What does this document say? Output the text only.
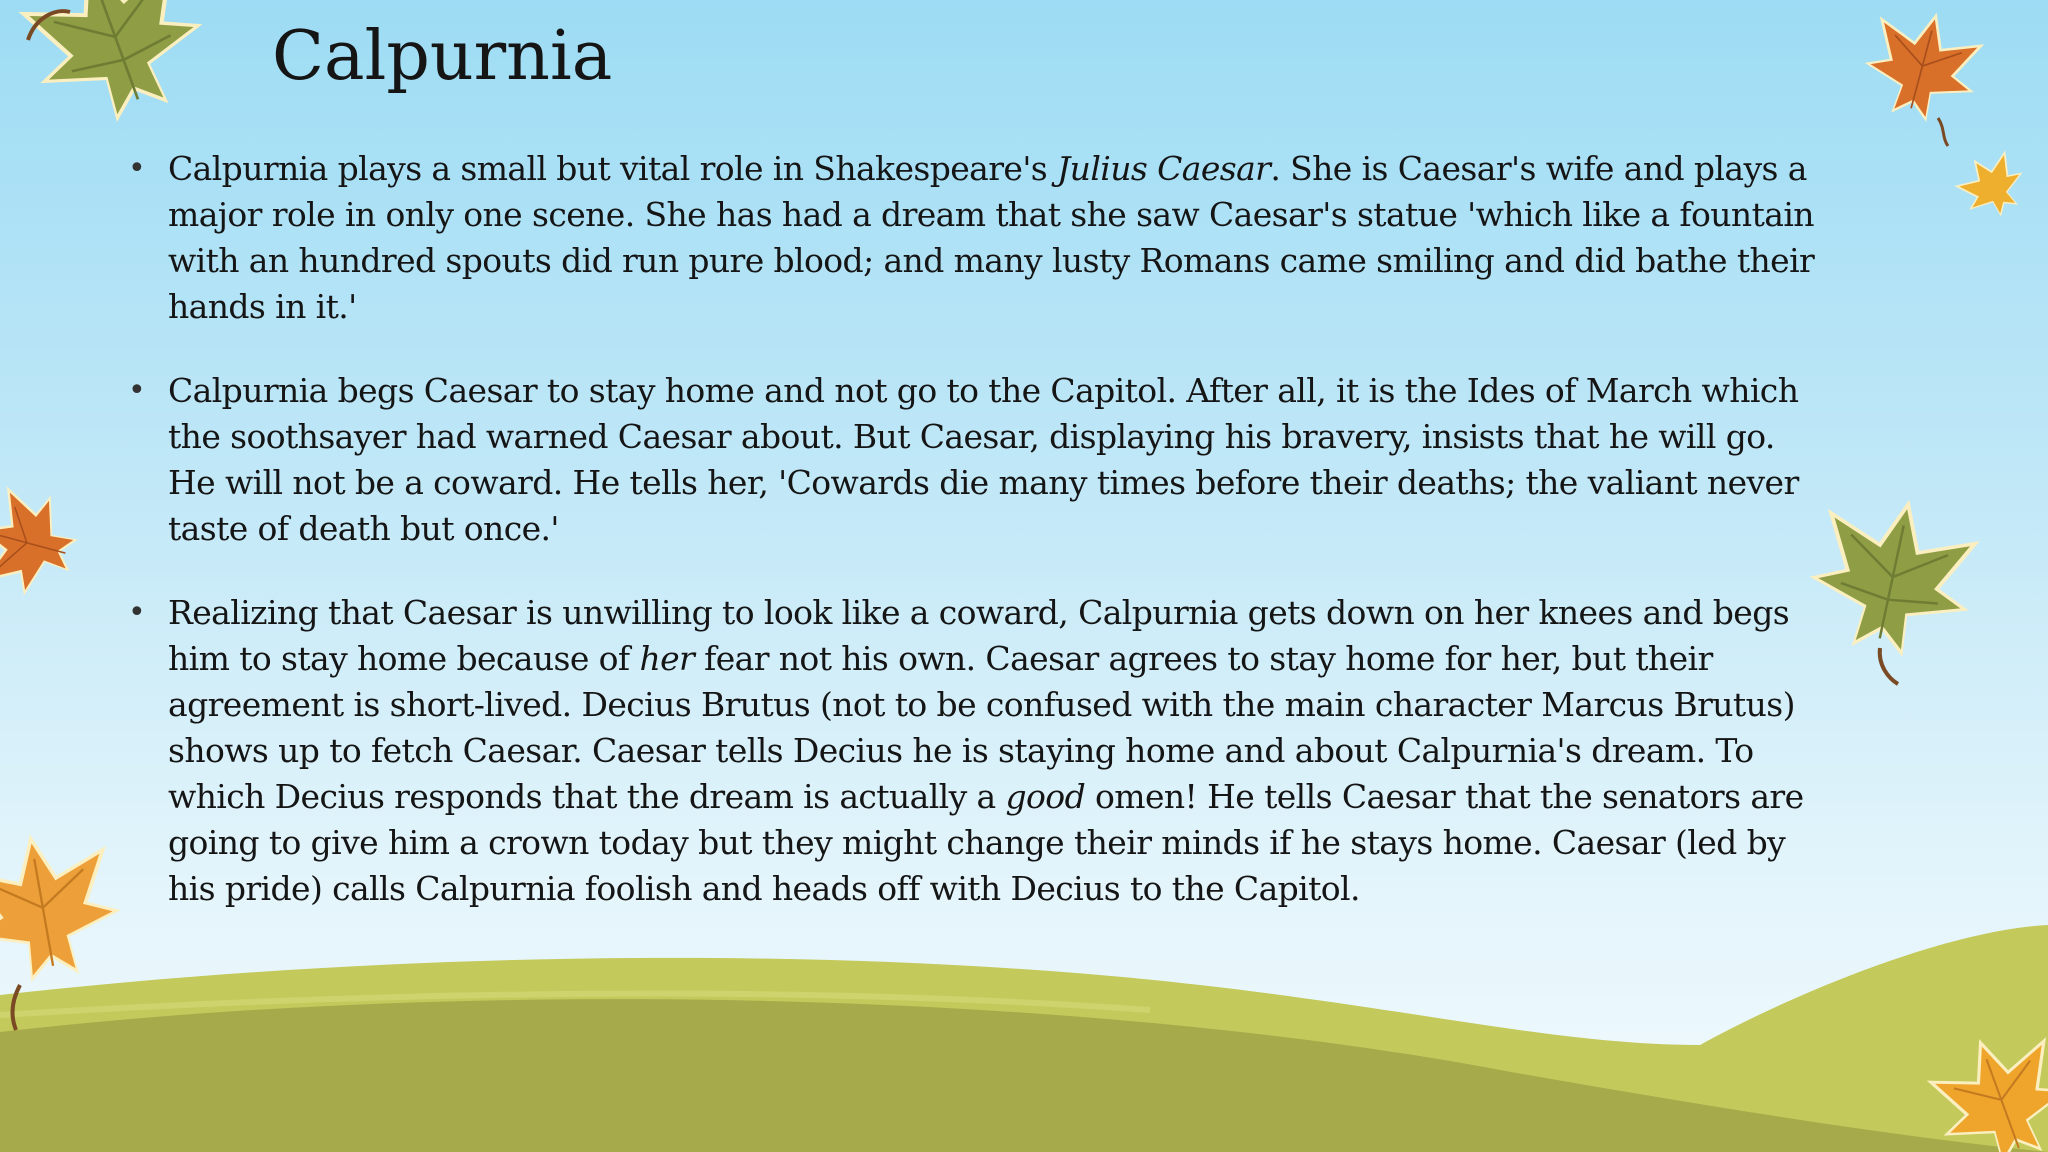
Calpurnia
• Calpurnia plays a small but vital role in Shakespeare's Julius Caesar. She is Caesar's wife and plays a major role in only one scene. She has had a dream that she saw Caesar's statue 'which like a fountain with an hundred spouts did run pure blood; and many lusty Romans came smiling and did bathe their hands in it.'

• Calpurnia begs Caesar to stay home and not go to the Capitol. After all, it is the Ides of March which the soothsayer had warned Caesar about. But Caesar, displaying his bravery, insists that he will go. He will not be a coward. He tells her, 'Cowards die many times before their deaths; the valiant never taste of death but once.'

• Realizing that Caesar is unwilling to look like a coward, Calpurnia gets down on her knees and begs him to stay home because of her fear not his own. Caesar agrees to stay home for her, but their agreement is short-lived. Decius Brutus (not to be confused with the main character Marcus Brutus) shows up to fetch Caesar. Caesar tells Decius he is staying home and about Calpurnia's dream. To which Decius responds that the dream is actually a good omen! He tells Caesar that the senators are going to give him a crown today but they might change their minds if he stays home. Caesar (led by his pride) calls Calpurnia foolish and heads off with Decius to the Capitol.
